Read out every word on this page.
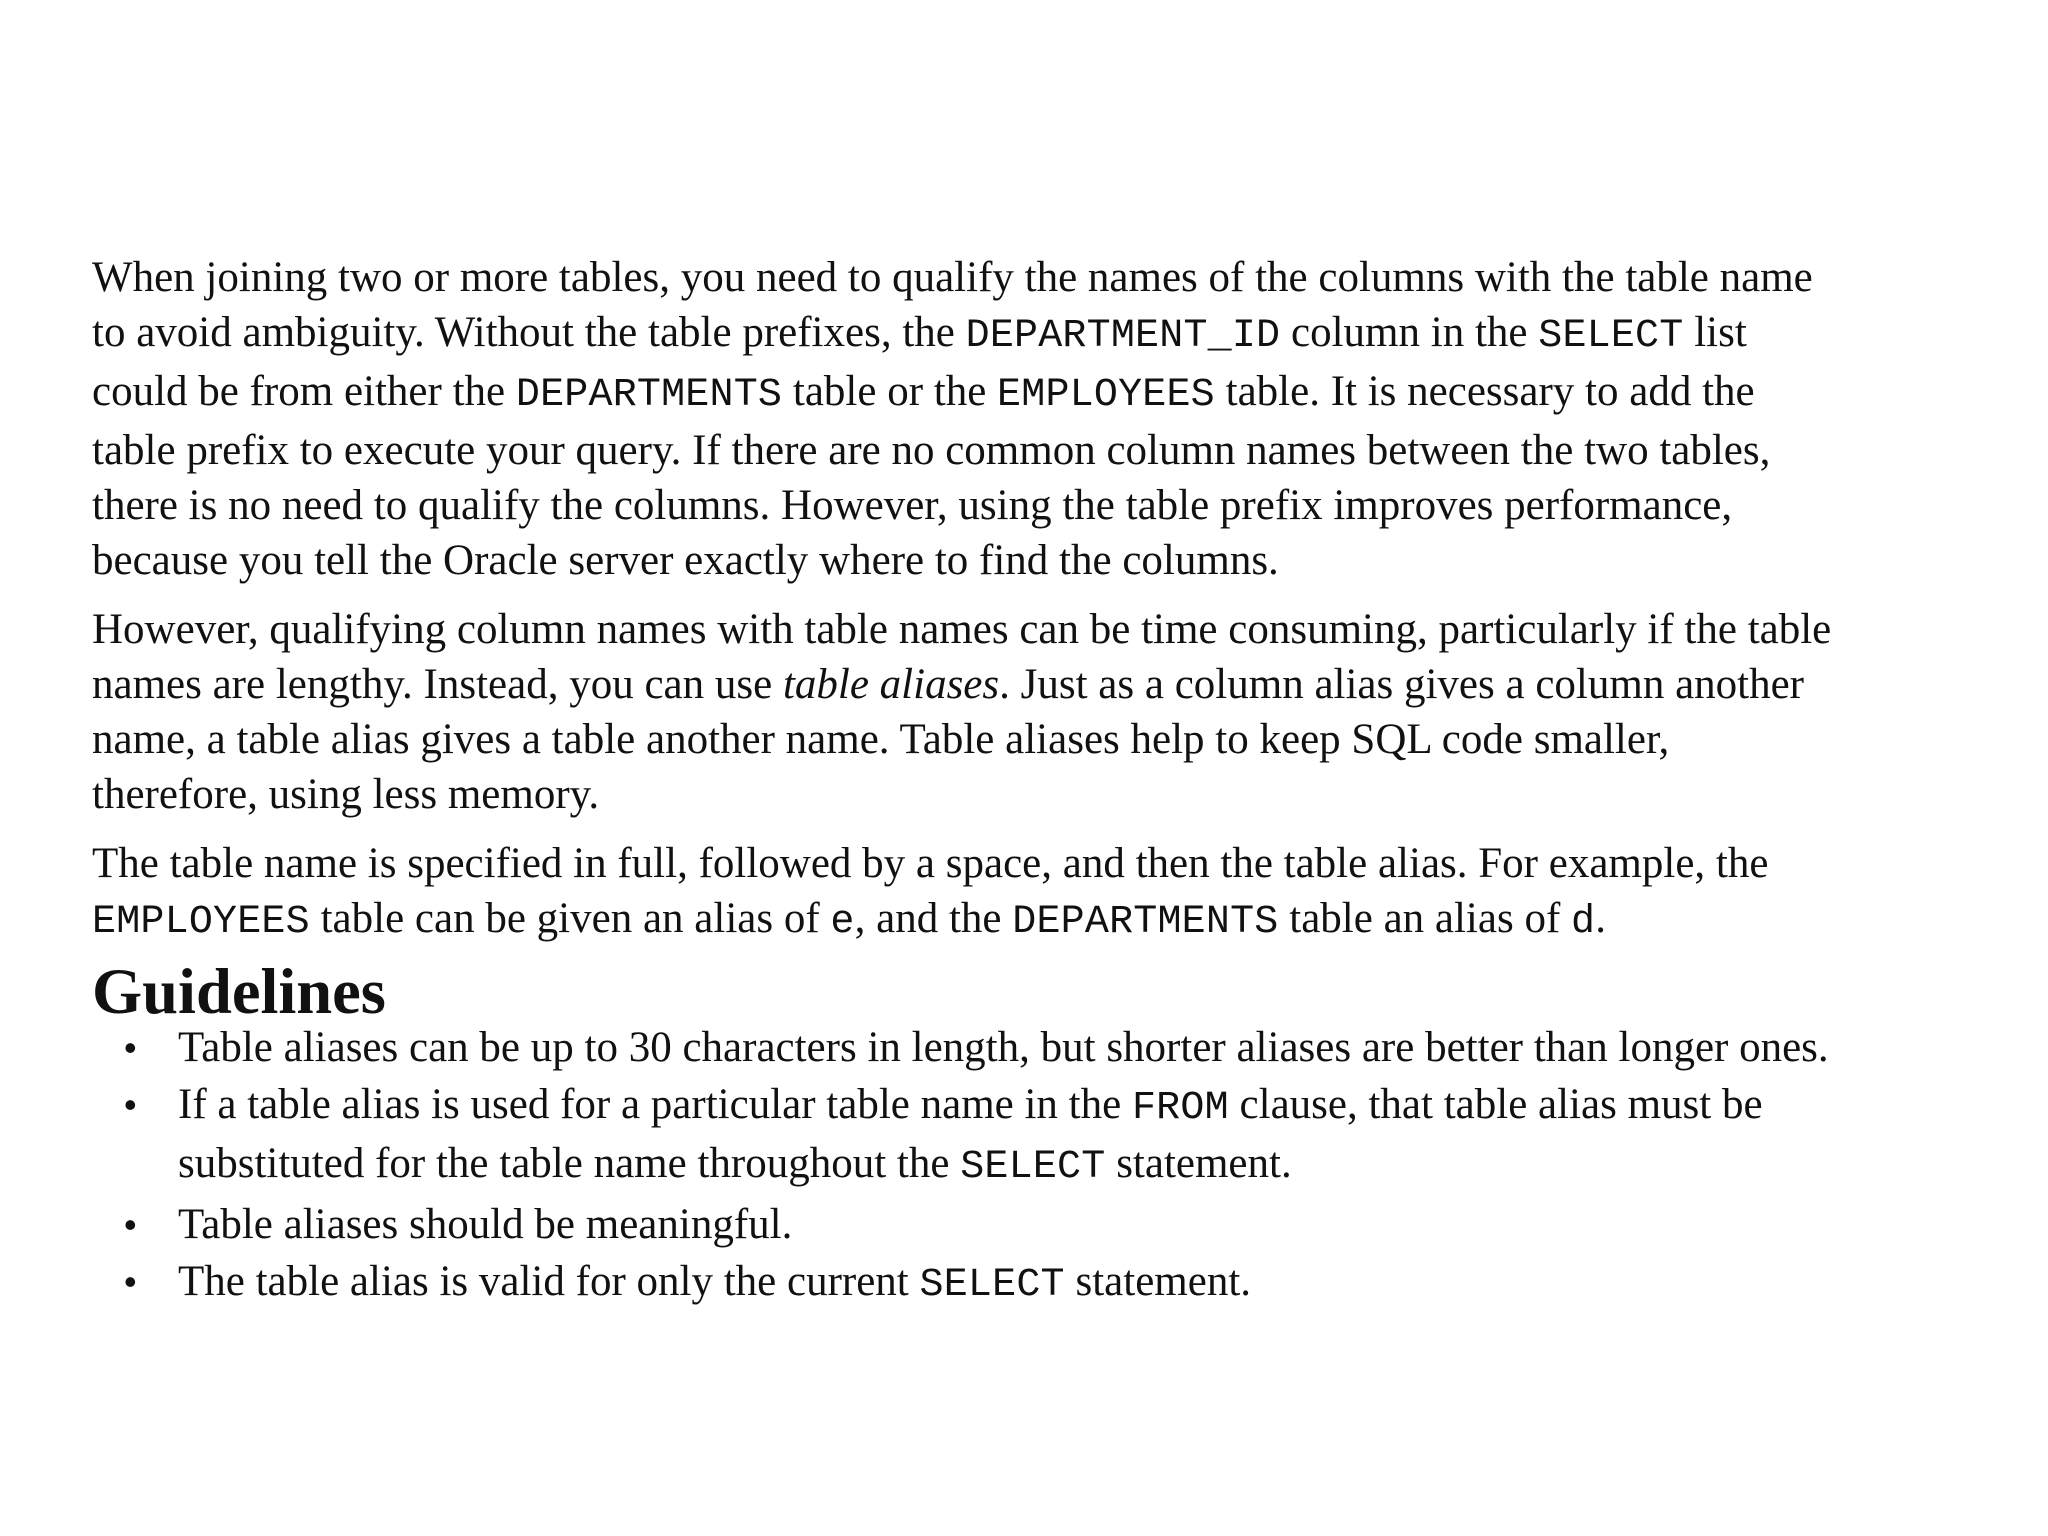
When joining two or more tables, you need to qualify the names of the columns with the table name
to avoid ambiguity. Without the table prefixes, the DEPARTMENT_ID column in the SELECT list
could be from either the DEPARTMENTS table or the EMPLOYEES table. It is necessary to add the
table prefix to execute your query. If there are no common column names between the two tables,
there is no need to qualify the columns. However, using the table prefix improves performance,
because you tell the Oracle server exactly where to find the columns.

However, qualifying column names with table names can be time consuming, particularly if the table
names are lengthy. Instead, you can use table aliases. Just as a column alias gives a column another
name, a table alias gives a table another name. Table aliases help to keep SQL code smaller,
therefore, using less memory.

The table name is specified in full, followed by a space, and then the table alias. For example, the
EMPLOYEES table can be given an alias of e, and the DEPARTMENTS table an alias of d.

Guidelines
• Table aliases can be up to 30 characters in length, but shorter aliases are better than longer ones.
• If a table alias is used for a particular table name in the FROM clause, that table alias must be
substituted for the table name throughout the SELECT statement.
• Table aliases should be meaningful.
• The table alias is valid for only the current SELECT statement.
